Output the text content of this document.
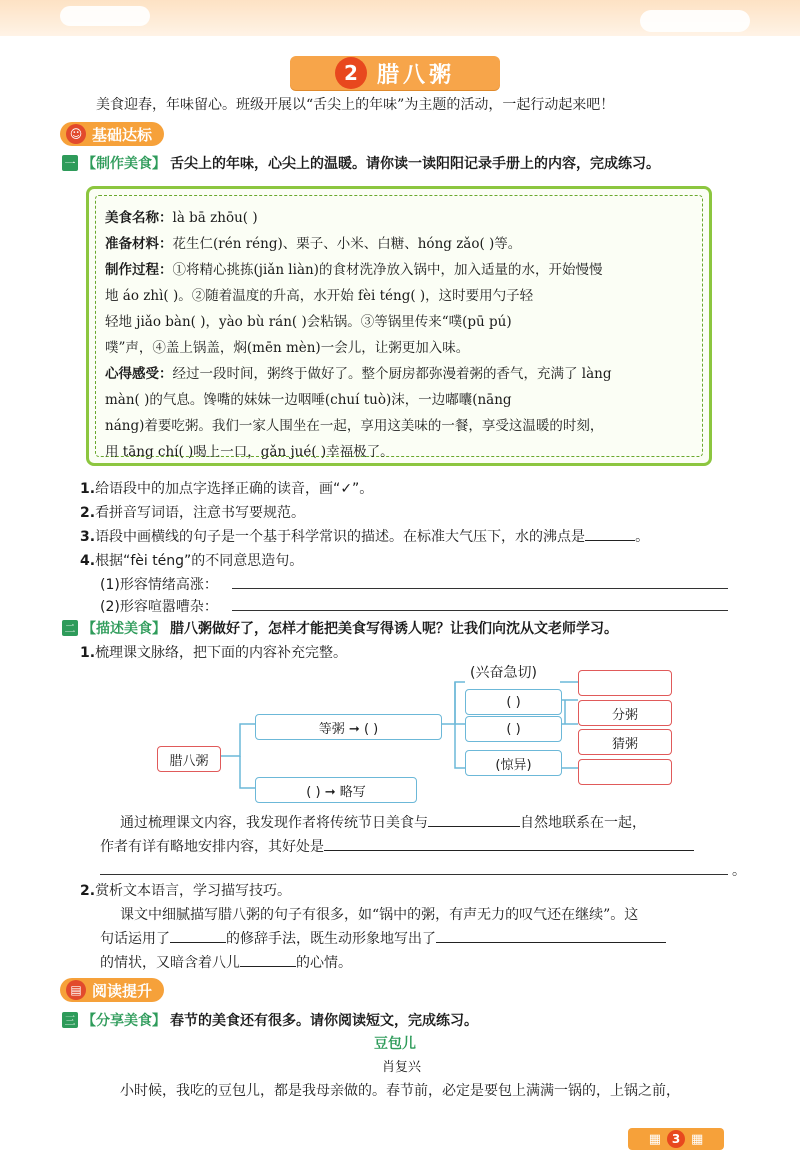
2 腊八粥
美食迎春，年味留心。班级开展以“舌尖上的年味”为主题的活动，一起行动起来吧！
☺ 基础达标
一 【制作美食】 舌尖上的年味，心尖上的温暖。请你读一读阳阳记录手册上的内容，完成练习。
美食名称：là bā zhōu( )
准备材料：花生仁(rén réng)、栗子、小米、白糖、hóng zǎo( )等。
制作过程：①将精心挑拣(jiǎn liàn)的食材洗净放入锅中，加入适量的水，开始慢慢
地 áo zhì( )。②随着温度的升高，水开始 fèi téng( )，这时要用勺子轻
轻地 jiǎo bàn( )，yào bù rán( )会粘锅。③等锅里传来“噗(pū pú)
噗”声，④盖上锅盖，焖(mēn mèn)一会儿，让粥更加入味。
心得感受：经过一段时间，粥终于做好了。整个厨房都弥漫着粥的香气，充满了 làng
màn( )的气息。馋嘴的妹妹一边咽唾(chuí tuò)沫，一边嘟囔(nāng
náng)着要吃粥。我们一家人围坐在一起，享用这美味的一餐，享受这温暖的时刻，
用 tāng chí( )喝上一口，gǎn jué( )幸福极了。
1.给语段中的加点字选择正确的读音，画“✓”。
2.看拼音写词语，注意书写要规范。
3.语段中画横线的句子是一个基于科学常识的描述。在标准大气压下，水的沸点是	。
4.根据“fèi téng”的不同意思造句。
(1)形容情绪高涨：
(2)形容喧嚣嘈杂：
二 【描述美食】 腊八粥做好了，怎样才能把美食写得诱人呢？让我们向沈从文老师学习。
1.梳理课文脉络，把下面的内容补充完整。
(兴奋急切)
腊八粥
等粥 ➞ ( )
( ) ➞ 略写
( )
( )
(惊异)
分粥
猜粥
通过梳理课文内容，我发现作者将传统节日美食与	自然地联系在一起，
作者有详有略地安排内容，其好处是
。
2.赏析文本语言，学习描写技巧。
课文中细腻描写腊八粥的句子有很多，如“锅中的粥，有声无力的叹气还在继续”。这
句话运用了	的修辞手法，既生动形象地写出了
的情状，又暗含着八儿	的心情。
▤ 阅读提升
三 【分享美食】 春节的美食还有很多。请你阅读短文，完成练习。
豆包儿
肖复兴
小时候，我吃的豆包儿，都是我母亲做的。春节前，必定是要包上满满一锅的，上锅之前，
▦ 3 ▦
